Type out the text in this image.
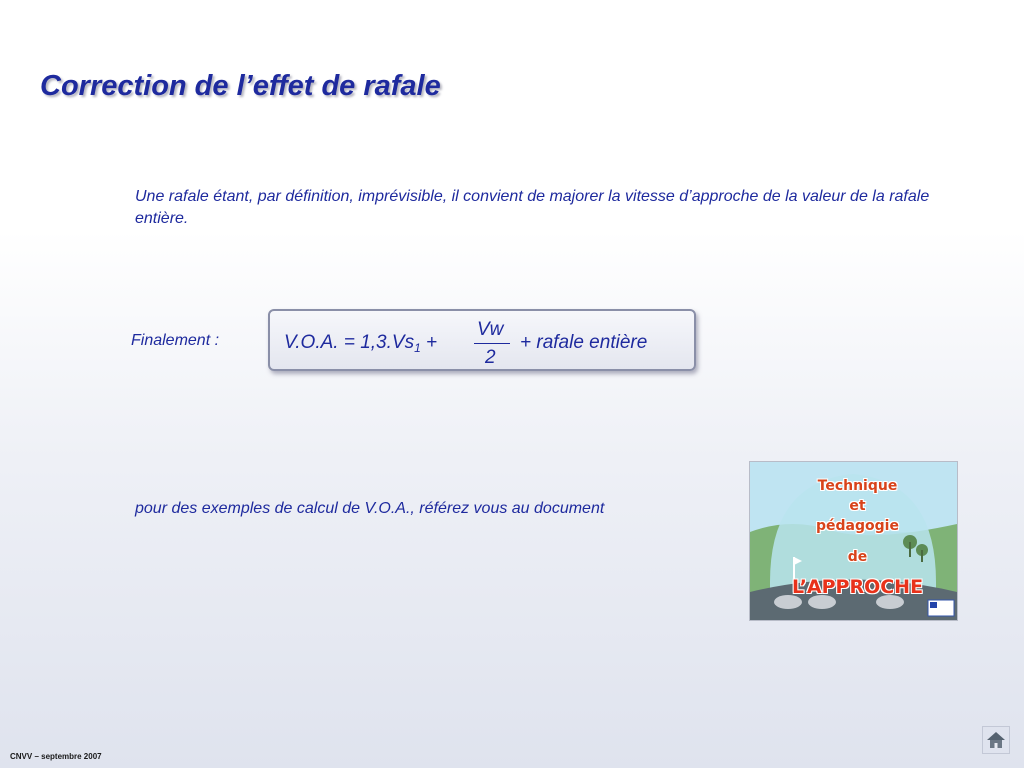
Correction de l’effet de rafale
Une rafale étant, par définition, imprévisible, il convient de majorer la vitesse d’approche de la valeur de la rafale entière.
Finalement :	V.O.A. = $1,3.Vs_1$ +
Vw
2
+ rafale entière
pour des exemples de calcul de V.O.A., référez vous au document
Technique
et
pédagogie
de
L’APPROCHE
CNVV – septembre 2007
